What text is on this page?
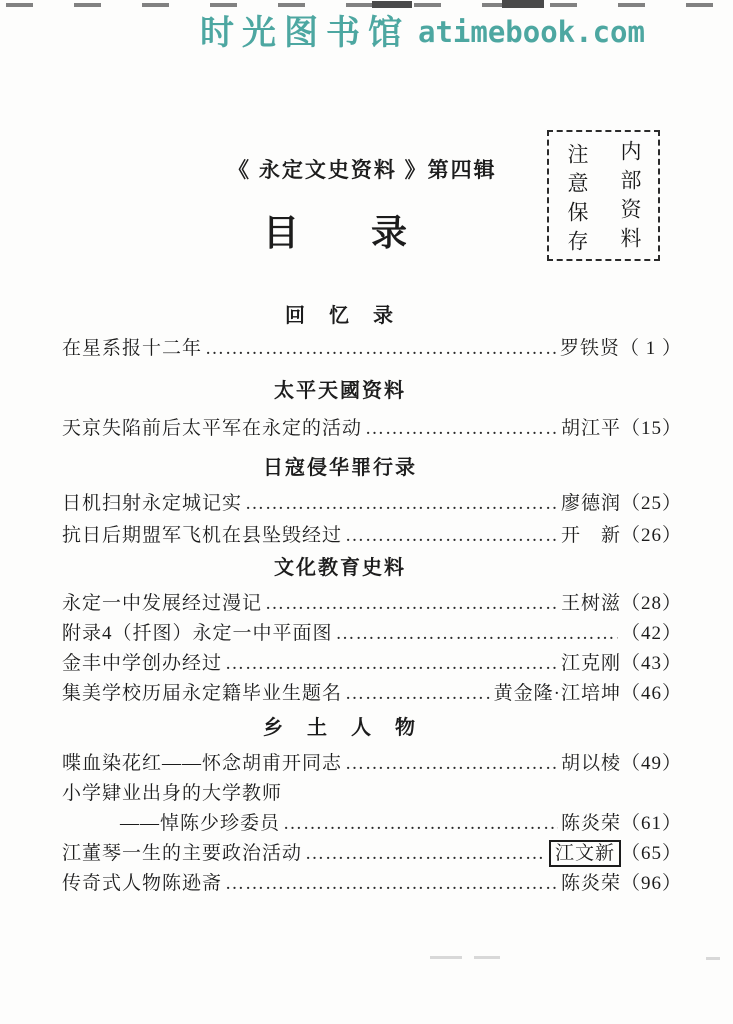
时光图书馆 atimebook.com
《 永定文史资料 》第四辑	内部资料
注意保存
目　　录
回　忆　录
在星系报十二年 ……………………………………………………………………………………………………	罗铁贤 （ 1 ）
太平天國资料
天京失陷前后太平军在永定的活动 ……………………………………………………………………………………………………	胡江平 （15）
日寇侵华罪行录
日机扫射永定城记实 ……………………………………………………………………………………………………	廖德润 （25）
抗日后期盟军飞机在县坠毁经过 ……………………………………………………………………………………………………	开　新 （26）
文化教育史料
永定一中发展经过漫记 ……………………………………………………………………………………………………	王树滋 （28）
附录4（扦图）永定一中平面图 ……………………………………………………………………………………………………	（42）
金丰中学创办经过 ……………………………………………………………………………………………………	江克刚 （43）
集美学校历届永定籍毕业生题名 ……………………………………………………………………………………………………	黄金隆·江培坤 （46）
乡　土　人　物
喋血染花红——怀念胡甫开同志 ……………………………………………………………………………………………………	胡以棱 （49）
小学肄业出身的大学教师
——悼陈少珍委员 ……………………………………………………………………………………………………	陈炎荣 （61）
江董琴一生的主要政治活动 ……………………………………………………………………………………………………	江文新 （65）
传奇式人物陈逊斋 ……………………………………………………………………………………………………	陈炎荣 （96）
